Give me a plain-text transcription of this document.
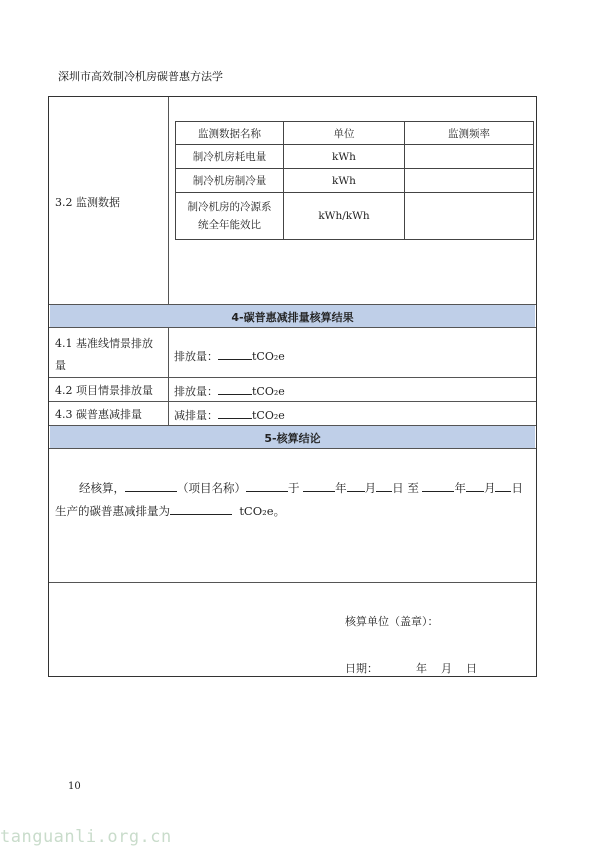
深圳市高效制冷机房碳普惠方法学
3.2 监测数据
监测数据名称	单位	监测频率
制冷机房耗电量	kWh	
制冷机房制冷量	kWh	
制冷机房的冷源系
统全年能效比	kWh/kWh	
4-碳普惠减排量核算结果
4.1 基准线情景排放
量
排放量：	tCO₂e
4.2 项目情景排放量 排放量：	tCO₂e
4.3 碳普惠减排量	减排量：	tCO₂e
5-核算结论
经核算，	（项目名称）	于	年 月 日 至	年 月 日
生产的碳普惠减排量为	tCO₂e。
核算单位（盖章）：
日期：	年 月 日
10
tanguanli.org.cn
